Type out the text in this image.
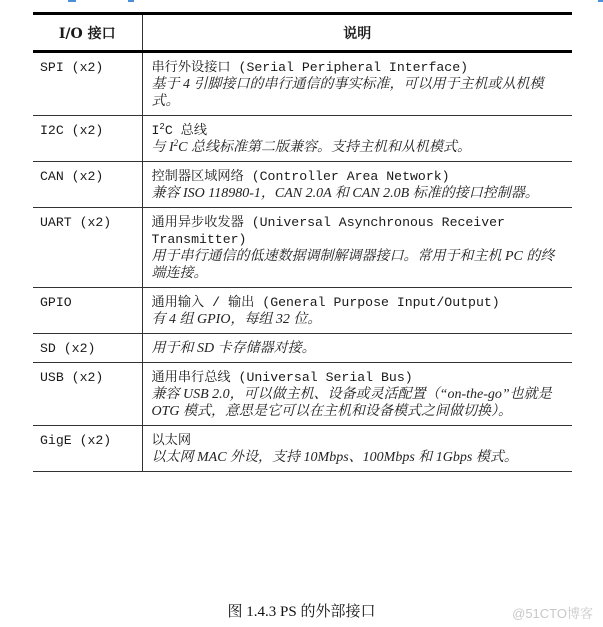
I/O 接口	说明
SPI (x2)	串行外设接口 (Serial Peripheral Interface)
基于 4 引脚接口的串行通信的事实标准，可以用于主机或从机模式。

I2C (x2)	$I^2C$ 总线
与 $I^2C$ 总线标准第二版兼容。支持主机和从机模式。

CAN (x2)	控制器区域网络 (Controller Area Network)
兼容 ISO 118980-1，CAN 2.0A 和 CAN 2.0B 标准的接口控制器。

UART (x2)	通用异步收发器 (Universal Asynchronous Receiver Transmitter)
用于串行通信的低速数据调制解调器接口。常用于和主机 PC 的终端连接。

GPIO	通用输入 / 输出 (General Purpose Input/Output)
有 4 组 GPIO，每组 32 位。

SD (x2)	用于和 SD 卡存储器对接。

USB (x2)	通用串行总线 (Universal Serial Bus)
兼容 USB 2.0，可以做主机、设备或灵活配置（“on-the-go”也就是 OTG 模式，意思是它可以在主机和设备模式之间做切换）。

GigE (x2)	以太网
以太网 MAC 外设，支持 10Mbps、100Mbps 和 1Gbps 模式。
图 1.4.3 PS 的外部接口	@51CTO博客
